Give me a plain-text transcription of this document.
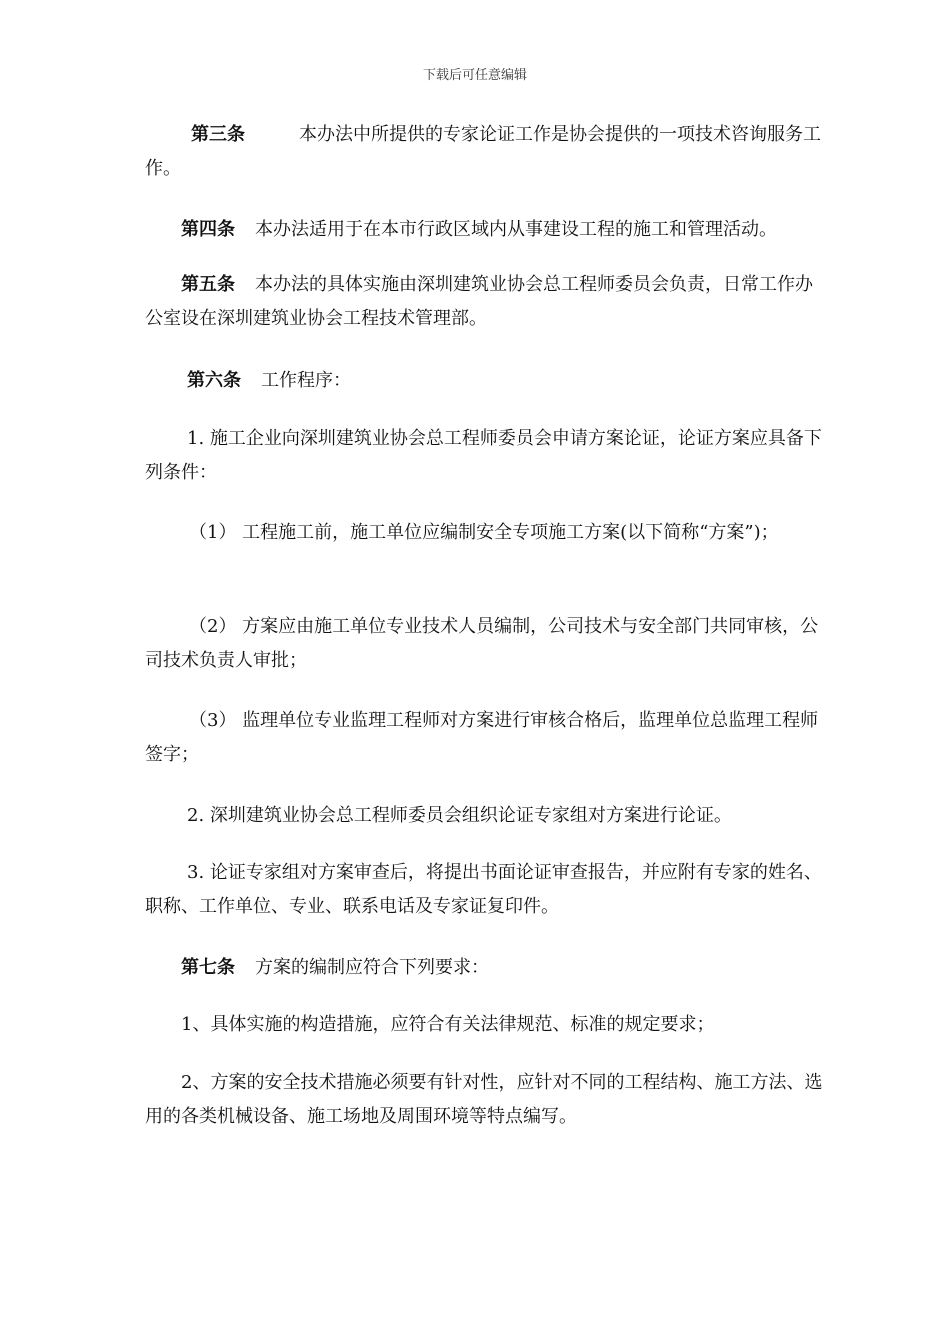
下载后可任意编辑

第三条	本办法中所提供的专家论证工作是协会提供的一项技术咨询服务工作。

第四条 本办法适用于在本市行政区域内从事建设工程的施工和管理活动。

第五条 本办法的具体实施由深圳建筑业协会总工程师委员会负责，日常工作办公室设在深圳建筑业协会工程技术管理部。

第六条 工作程序：

1. 施工企业向深圳建筑业协会总工程师委员会申请方案论证，论证方案应具备下列条件：

（1） 工程施工前，施工单位应编制安全专项施工方案(以下简称“方案”)；

（2） 方案应由施工单位专业技术人员编制，公司技术与安全部门共同审核，公司技术负责人审批；

（3） 监理单位专业监理工程师对方案进行审核合格后，监理单位总监理工程师签字；

2. 深圳建筑业协会总工程师委员会组织论证专家组对方案进行论证。

3. 论证专家组对方案审查后，将提出书面论证审查报告，并应附有专家的姓名、职称、工作单位、专业、联系电话及专家证复印件。

第七条 方案的编制应符合下列要求：

1、具体实施的构造措施，应符合有关法律规范、标准的规定要求；

2、方案的安全技术措施必须要有针对性，应针对不同的工程结构、施工方法、选用的各类机械设备、施工场地及周围环境等特点编写。
